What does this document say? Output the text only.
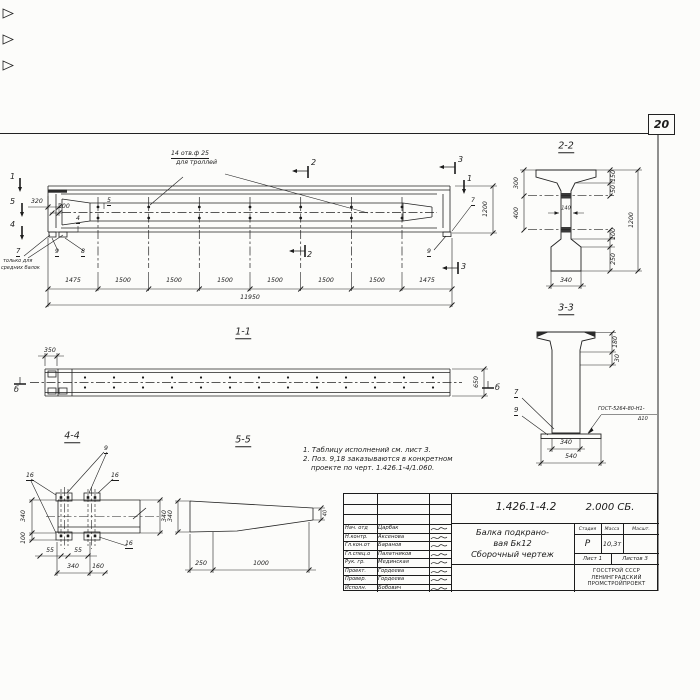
20
1
5
4
1
2
2
3
3
14 отв.ф 25
для троллей
320
200
5
4
7
только для
средних балок
9	8
7
9
1200
1475	1500	1500	1500	1500	1500	1500	1475
11950
1-1
350
650
б	б
4-4
9
16	16
16
340
100
55	55
340 160
340
5-5
340	40
250	1000
1. Таблицу исполнений см. лист 3.
2. Поз. 9,18 заказываются в конкретном
проекте по черт. 1.426.1-4/1.060.
2-2
300
400
150
50
140
1200
100
250
340
3-3
180
30
7
9	ГОСТ-5264-80-Н1-
Δ10
340
540
Нач. отд Царбак
Н.контр. Аксенова
Гл.кон.от Баранов
Гл.спец.о Палатников
Рук. гр. Мединская
Проект. Гордеева
Провер. Гордеева
Исполн. Бобович
1.426.1-4.2	2.000 СБ.
Балка подкрано-
вая Бк12
Сборочный чертеж
Стадия	Масса	Масшт.
Р	10,3т
Лист 1	Листов 3
ГОССТРОЙ СССР
ЛЕНИНГРАДСКИЙ
ПРОМСТРОЙПРОЕКТ
